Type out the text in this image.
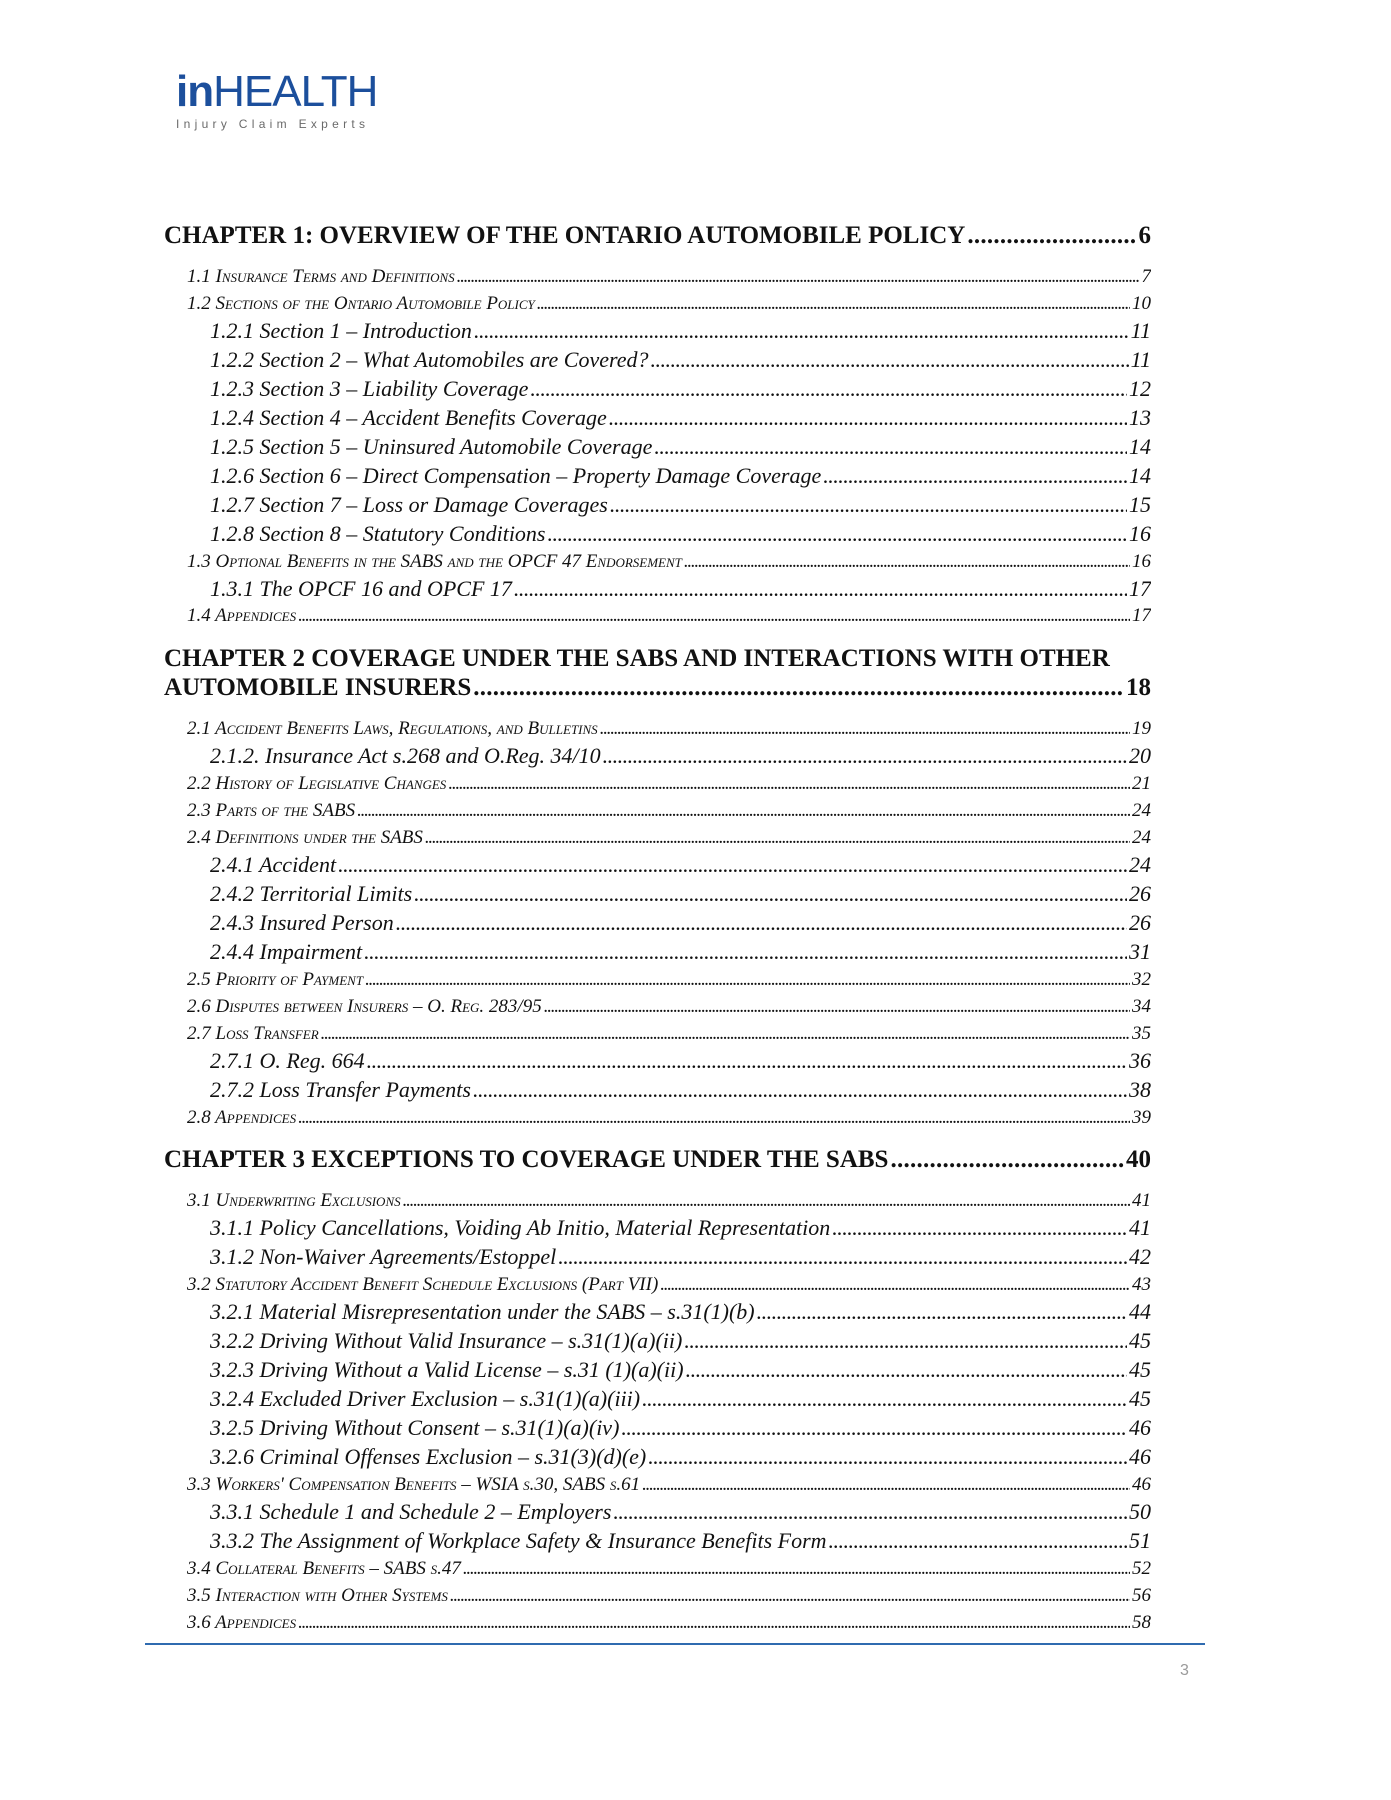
inHEALTH
Injury Claim Experts
CHAPTER 1: OVERVIEW OF THE ONTARIO AUTOMOBILE POLICY . . .	6
1.1 Insurance Terms and Definitions . . .	7
1.2 Sections of the Ontario Automobile Policy . . .	10
1.2.1 Section 1 – Introduction . . .	11
1.2.2 Section 2 – What Automobiles are Covered? . . .	11
1.2.3 Section 3 – Liability Coverage . . .	12
1.2.4 Section 4 – Accident Benefits Coverage . . .	13
1.2.5 Section 5 – Uninsured Automobile Coverage . . .	14
1.2.6 Section 6 – Direct Compensation – Property Damage Coverage . . .	14
1.2.7 Section 7 – Loss or Damage Coverages . . .	15
1.2.8 Section 8 – Statutory Conditions . . .	16
1.3 Optional Benefits in the SABS and the OPCF 47 Endorsement . . .	16
1.3.1 The OPCF 16 and OPCF 17 . . .	17
1.4 Appendices . . .	17
CHAPTER 2 COVERAGE UNDER THE SABS AND INTERACTIONS WITH OTHER
AUTOMOBILE INSURERS . . .	18
2.1 Accident Benefits Laws, Regulations, and Bulletins . . .	19
2.1.2. Insurance Act s.268 and O.Reg. 34/10 . . .	20
2.2 History of Legislative Changes . . .	21
2.3 Parts of the SABS . . .	24
2.4 Definitions under the SABS . . .	24
2.4.1 Accident . . .	24
2.4.2 Territorial Limits . . .	26
2.4.3 Insured Person . . .	26
2.4.4 Impairment . . .	31
2.5 Priority of Payment . . .	32
2.6 Disputes between Insurers – O. Reg. 283/95 . . .	34
2.7 Loss Transfer . . .	35
2.7.1 O. Reg. 664 . . .	36
2.7.2 Loss Transfer Payments . . .	38
2.8 Appendices . . .	39
CHAPTER 3 EXCEPTIONS TO COVERAGE UNDER THE SABS . . .	40
3.1 Underwriting Exclusions . . .	41
3.1.1 Policy Cancellations, Voiding Ab Initio, Material Representation . . .	41
3.1.2 Non-Waiver Agreements/Estoppel . . .	42
3.2 Statutory Accident Benefit Schedule Exclusions (Part VII) . . .	43
3.2.1 Material Misrepresentation under the SABS – s.31(1)(b) . . .	44
3.2.2 Driving Without Valid Insurance – s.31(1)(a)(ii) . . .	45
3.2.3 Driving Without a Valid License – s.31 (1)(a)(ii) . . .	45
3.2.4 Excluded Driver Exclusion – s.31(1)(a)(iii) . . .	45
3.2.5 Driving Without Consent – s.31(1)(a)(iv) . . .	46
3.2.6 Criminal Offenses Exclusion – s.31(3)(d)(e) . . .	46
3.3 Workers' Compensation Benefits – WSIA s.30, SABS s.61 . . .	46
3.3.1 Schedule 1 and Schedule 2 – Employers . . .	50
3.3.2 The Assignment of Workplace Safety & Insurance Benefits Form . . .	51
3.4 Collateral Benefits – SABS s.47 . . .	52
3.5 Interaction with Other Systems . . .	56
3.6 Appendices . . .	58
3
